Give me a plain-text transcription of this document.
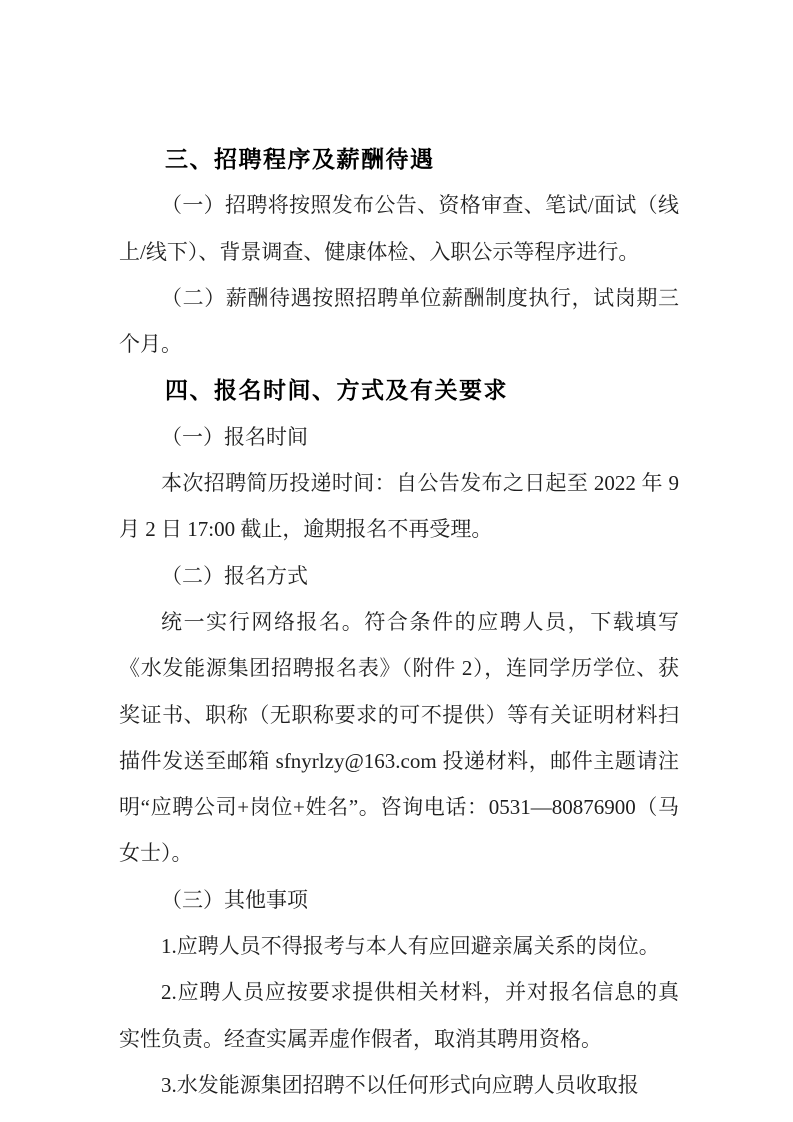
三、招聘程序及薪酬待遇

（一）招聘将按照发布公告、资格审查、笔试/面试（线上/线下）、背景调查、健康体检、入职公示等程序进行。

（二）薪酬待遇按照招聘单位薪酬制度执行，试岗期三个月。

四、报名时间、方式及有关要求

（一）报名时间

本次招聘简历投递时间：自公告发布之日起至 2022 年 9 月 2 日 17:00 截止，逾期报名不再受理。

（二）报名方式

统一实行网络报名。符合条件的应聘人员，下载填写《水发能源集团招聘报名表》（附件 2），连同学历学位、获奖证书、职称（无职称要求的可不提供）等有关证明材料扫描件发送至邮箱 sfnyrlzy@163.com 投递材料，邮件主题请注明“应聘公司+岗位+姓名”。咨询电话：0531—80876900（马女士）。

（三）其他事项

1.应聘人员不得报考与本人有应回避亲属关系的岗位。

2.应聘人员应按要求提供相关材料，并对报名信息的真实性负责。经查实属弄虚作假者，取消其聘用资格。

3.水发能源集团招聘不以任何形式向应聘人员收取报
